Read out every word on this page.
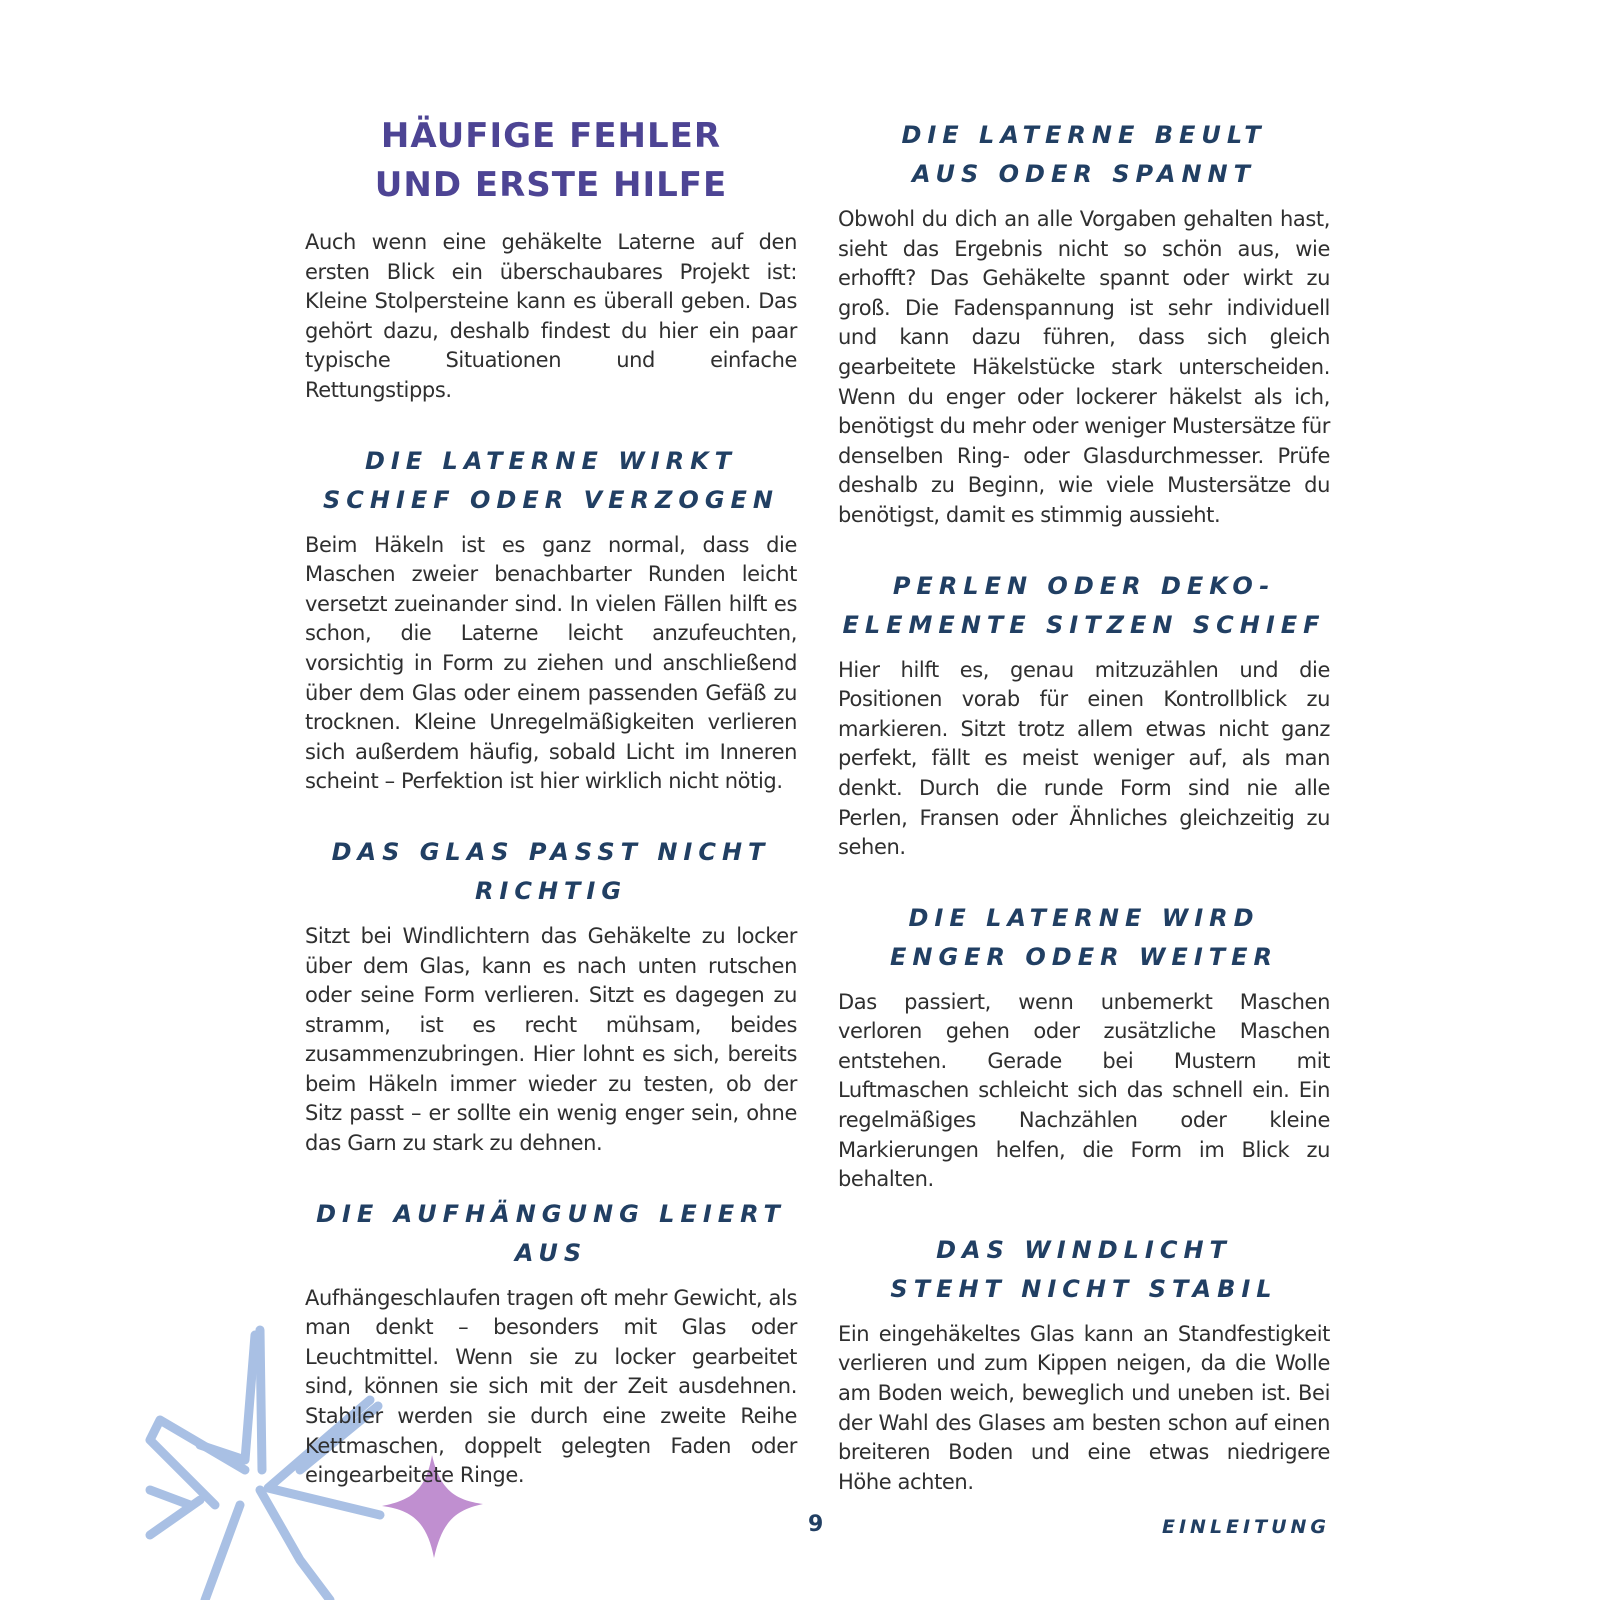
HÄUFIGE FEHLER
UND ERSTE HILFE

Auch wenn eine gehäkelte Laterne auf den ersten Blick ein überschaubares Projekt ist: Kleine Stolpersteine kann es überall geben. Das gehört dazu, deshalb findest du hier ein paar typische Situationen und einfache Rettungstipps.

DIE LATERNE WIRKT
SCHIEF ODER VERZOGEN

Beim Häkeln ist es ganz normal, dass die Maschen zweier benachbarter Runden leicht versetzt zueinander sind. In vielen Fällen hilft es schon, die Laterne leicht anzufeuchten, vorsichtig in Form zu ziehen und anschließend über dem Glas oder einem passenden Gefäß zu trocknen. Kleine Unregelmäßigkeiten verlieren sich außerdem häufig, sobald Licht im Inneren scheint – Perfektion ist hier wirklich nicht nötig.

DAS GLAS PASST NICHT RICHTIG

Sitzt bei Windlichtern das Gehäkelte zu locker über dem Glas, kann es nach unten rutschen oder seine Form verlieren. Sitzt es dagegen zu stramm, ist es recht mühsam, beides zusammenzubringen. Hier lohnt es sich, bereits beim Häkeln immer wieder zu testen, ob der Sitz passt – er sollte ein wenig enger sein, ohne das Garn zu stark zu dehnen.

DIE AUFHÄNGUNG LEIERT AUS

Aufhängeschlaufen tragen oft mehr Gewicht, als man denkt – besonders mit Glas oder Leuchtmittel. Wenn sie zu locker gearbeitet sind, können sie sich mit der Zeit ausdehnen. Stabiler werden sie durch eine zweite Reihe Kettmaschen, doppelt gelegten Faden oder eingearbeitete Ringe.

DIE LATERNE BEULT
AUS ODER SPANNT

Obwohl du dich an alle Vorgaben gehalten hast, sieht das Ergebnis nicht so schön aus, wie erhofft? Das Gehäkelte spannt oder wirkt zu groß. Die Fadenspannung ist sehr individuell und kann dazu führen, dass sich gleich gearbeitete Häkelstücke stark unterscheiden. Wenn du enger oder lockerer häkelst als ich, benötigst du mehr oder weniger Mustersätze für denselben Ring- oder Glasdurchmesser. Prüfe deshalb zu Beginn, wie viele Mustersätze du benötigst, damit es stimmig aussieht.

PERLEN ODER DEKO-
ELEMENTE SITZEN SCHIEF

Hier hilft es, genau mitzuzählen und die Positionen vorab für einen Kontrollblick zu markieren. Sitzt trotz allem etwas nicht ganz perfekt, fällt es meist weniger auf, als man denkt. Durch die runde Form sind nie alle Perlen, Fransen oder Ähnliches gleichzeitig zu sehen.

DIE LATERNE WIRD
ENGER ODER WEITER

Das passiert, wenn unbemerkt Maschen verloren gehen oder zusätzliche Maschen entstehen. Gerade bei Mustern mit Luftmaschen schleicht sich das schnell ein. Ein regelmäßiges Nachzählen oder kleine Markierungen helfen, die Form im Blick zu behalten.

DAS WINDLICHT
STEHT NICHT STABIL

Ein eingehäkeltes Glas kann an Standfestigkeit verlieren und zum Kippen neigen, da die Wolle am Boden weich, beweglich und uneben ist. Bei der Wahl des Glases am besten schon auf einen breiteren Boden und eine etwas niedrigere Höhe achten.

9	EINLEITUNG
